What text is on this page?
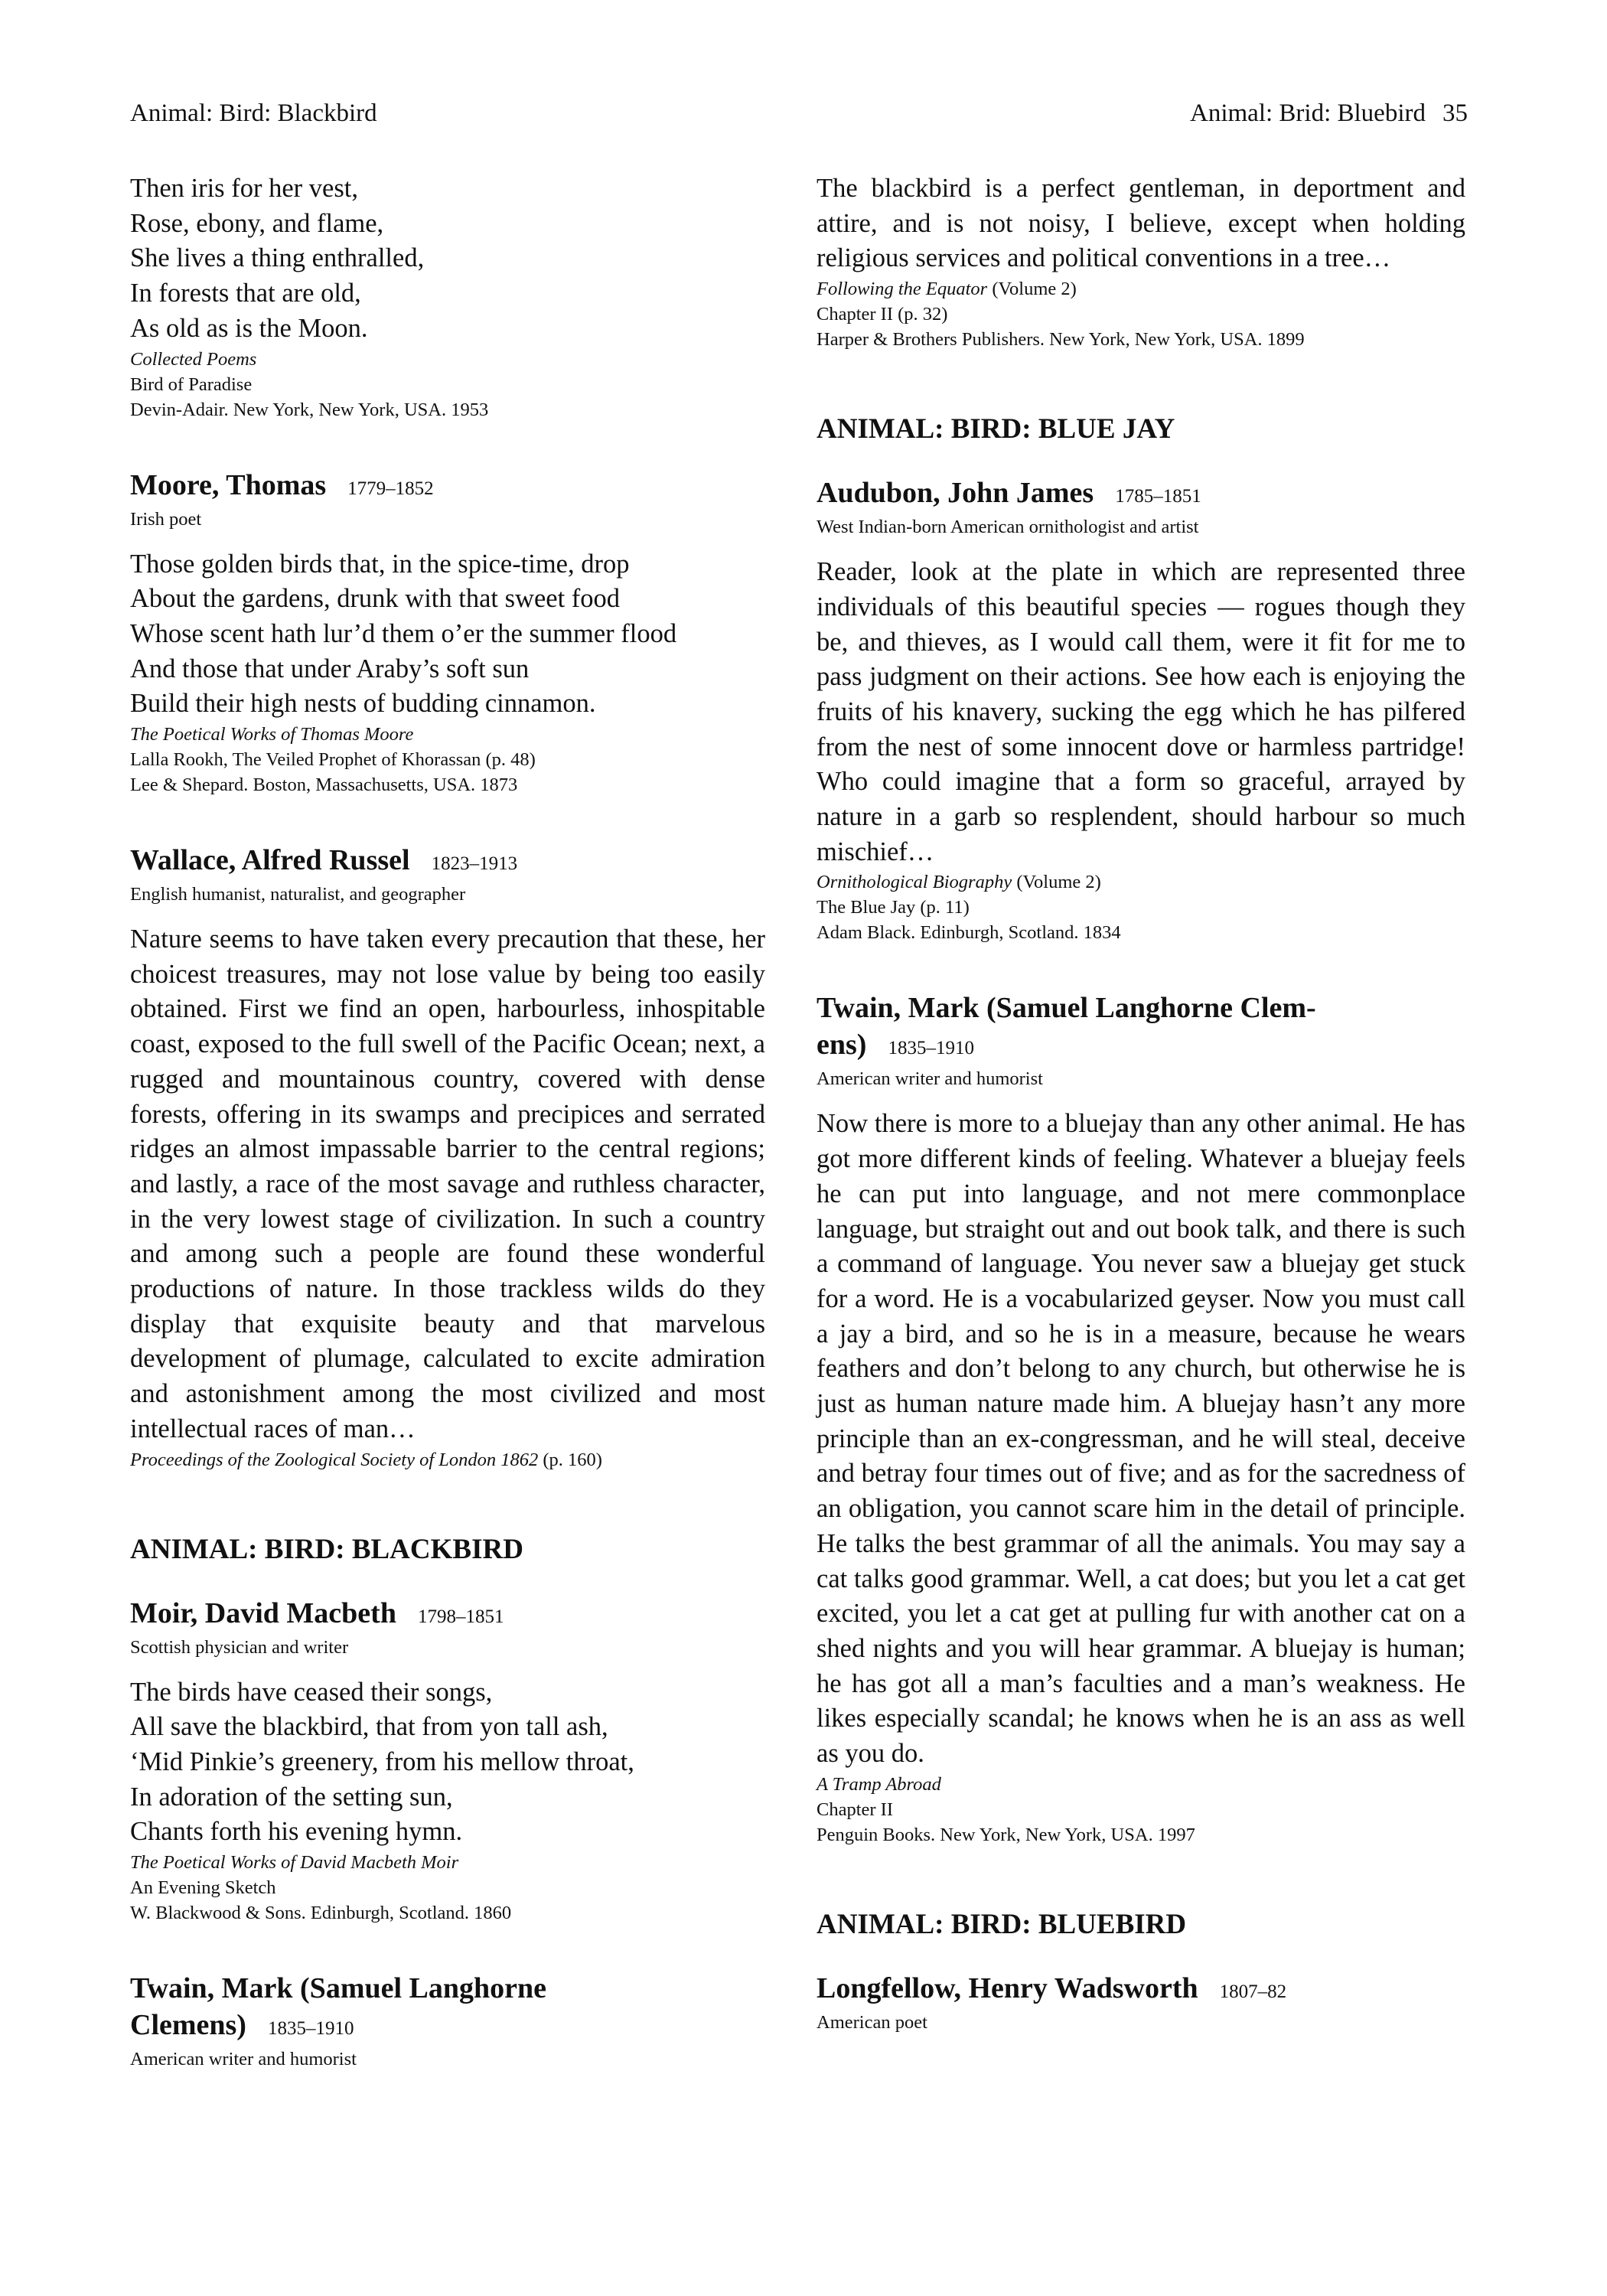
Animal: Bird: Blackbird	Animal: Brid: Bluebird 35
Then iris for her vest,
Rose, ebony, and flame,
She lives a thing enthralled,
In forests that are old,
As old as is the Moon.

Collected Poems

Bird of Paradise

Devin-Adair. New York, New York, USA. 1953

Moore, Thomas 1779–1852

Irish poet

Those golden birds that, in the spice-time, drop
About the gardens, drunk with that sweet food
Whose scent hath lur’d them o’er the summer flood
And those that under Araby’s soft sun
Build their high nests of budding cinnamon.

The Poetical Works of Thomas Moore

Lalla Rookh, The Veiled Prophet of Khorassan (p. 48)

Lee & Shepard. Boston, Massachusetts, USA. 1873

Wallace, Alfred Russel 1823–1913

English humanist, naturalist, and geographer

Nature seems to have taken every precaution that these, her choicest treasures, may not lose value by being too easily obtained. First we find an open, harbourless, inhospitable coast, exposed to the full swell of the Pacific Ocean; next, a rugged and mountainous country, covered with dense forests, offering in its swamps and precipices and serrated ridges an almost impassable barrier to the central regions; and lastly, a race of the most savage and ruthless character, in the very lowest stage of civilization. In such a country and among such a people are found these wonderful productions of nature. In those trackless wilds do they display that exquisite beauty and that marvelous development of plumage, calculated to excite admiration and astonishment among the most civilized and most intellectual races of man…

Proceedings of the Zoological Society of London 1862 (p. 160)

ANIMAL: BIRD: BLACKBIRD

Moir, David Macbeth 1798–1851

Scottish physician and writer

The birds have ceased their songs,
All save the blackbird, that from yon tall ash,
‘Mid Pinkie’s greenery, from his mellow throat,
In adoration of the setting sun,
Chants forth his evening hymn.

The Poetical Works of David Macbeth Moir

An Evening Sketch

W. Blackwood & Sons. Edinburgh, Scotland. 1860

Twain, Mark (Samuel Langhorne

Clemens) 1835–1910

American writer and humorist

The blackbird is a perfect gentleman, in deportment and attire, and is not noisy, I believe, except when holding religious services and political conventions in a tree…

Following the Equator (Volume 2)

Chapter II (p. 32)

Harper & Brothers Publishers. New York, New York, USA. 1899

ANIMAL: BIRD: BLUE JAY

Audubon, John James 1785–1851

West Indian-born American ornithologist and artist

Reader, look at the plate in which are represented three individuals of this beautiful species — rogues though they be, and thieves, as I would call them, were it fit for me to pass judgment on their actions. See how each is enjoying the fruits of his knavery, sucking the egg which he has pilfered from the nest of some innocent dove or harmless partridge! Who could imagine that a form so graceful, arrayed by nature in a garb so resplendent, should harbour so much mischief…

Ornithological Biography (Volume 2)

The Blue Jay (p. 11)

Adam Black. Edinburgh, Scotland. 1834

Twain, Mark (Samuel Langhorne Clem-

ens) 1835–1910

American writer and humorist

Now there is more to a bluejay than any other animal. He has got more different kinds of feeling. Whatever a bluejay feels he can put into language, and not mere commonplace language, but straight out and out book talk, and there is such a command of language. You never saw a bluejay get stuck for a word. He is a vocabularized geyser. Now you must call a jay a bird, and so he is in a measure, because he wears feathers and don’t belong to any church, but otherwise he is just as human nature made him. A bluejay hasn’t any more principle than an ex-congressman, and he will steal, deceive and betray four times out of five; and as for the sacredness of an obligation, you cannot scare him in the detail of principle. He talks the best grammar of all the animals. You may say a cat talks good grammar. Well, a cat does; but you let a cat get excited, you let a cat get at pulling fur with another cat on a shed nights and you will hear grammar. A bluejay is human; he has got all a man’s faculties and a man’s weakness. He likes especially scandal; he knows when he is an ass as well as you do.

A Tramp Abroad

Chapter II

Penguin Books. New York, New York, USA. 1997

ANIMAL: BIRD: BLUEBIRD

Longfellow, Henry Wadsworth 1807–82

American poet
